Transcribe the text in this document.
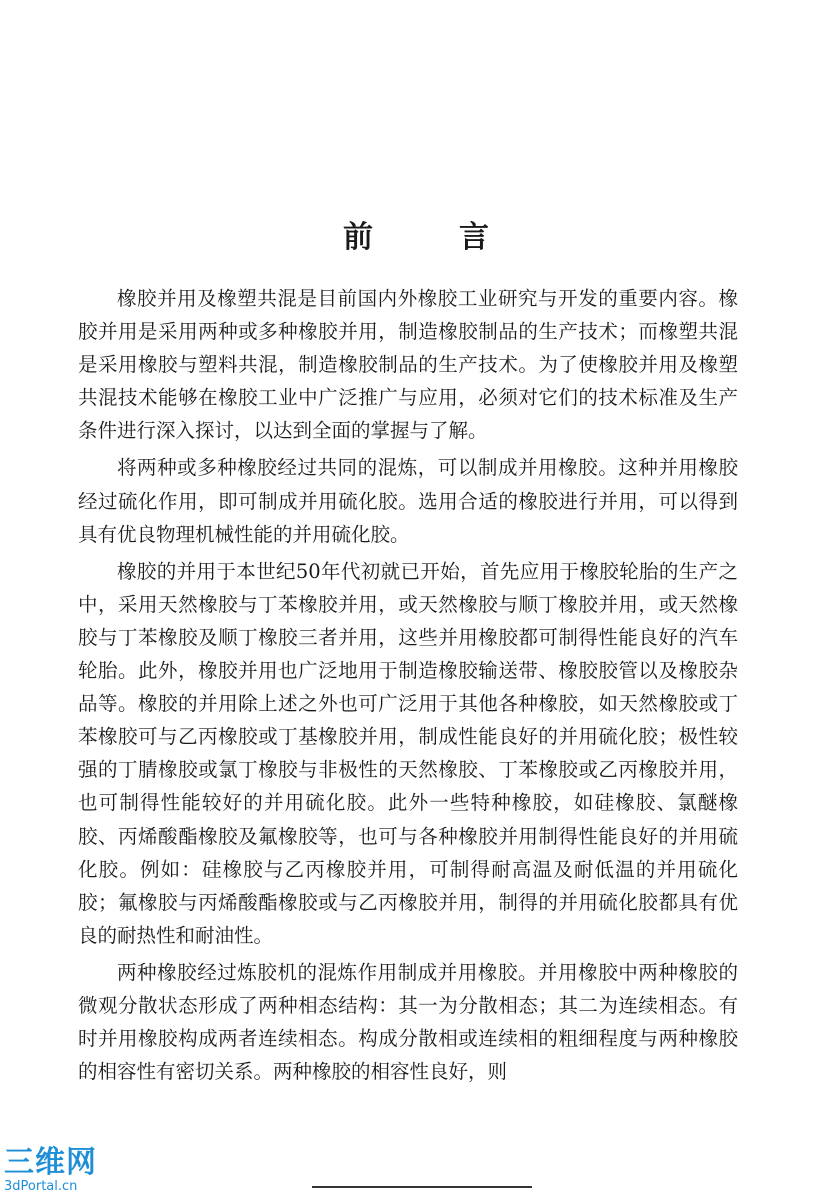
前	言

橡胶并用及橡塑共混是目前国内外橡胶工业研究与开发的重要内容。橡胶并用是采用两种或多种橡胶并用，制造橡胶制品的生产技术；而橡塑共混是采用橡胶与塑料共混，制造橡胶制品的生产技术。为了使橡胶并用及橡塑共混技术能够在橡胶工业中广泛推广与应用，必须对它们的技术标准及生产条件进行深入探讨，以达到全面的掌握与了解。

将两种或多种橡胶经过共同的混炼，可以制成并用橡胶。这种并用橡胶经过硫化作用，即可制成并用硫化胶。选用合适的橡胶进行并用，可以得到具有优良物理机械性能的并用硫化胶。

橡胶的并用于本世纪50年代初就已开始，首先应用于橡胶轮胎的生产之中，采用天然橡胶与丁苯橡胶并用，或天然橡胶与顺丁橡胶并用，或天然橡胶与丁苯橡胶及顺丁橡胶三者并用，这些并用橡胶都可制得性能良好的汽车轮胎。此外，橡胶并用也广泛地用于制造橡胶输送带、橡胶胶管以及橡胶杂品等。橡胶的并用除上述之外也可广泛用于其他各种橡胶，如天然橡胶或丁苯橡胶可与乙丙橡胶或丁基橡胶并用，制成性能良好的并用硫化胶；极性较强的丁腈橡胶或氯丁橡胶与非极性的天然橡胶、丁苯橡胶或乙丙橡胶并用，也可制得性能较好的并用硫化胶。此外一些特种橡胶，如硅橡胶、氯醚橡胶、丙烯酸酯橡胶及氟橡胶等，也可与各种橡胶并用制得性能良好的并用硫化胶。例如：硅橡胶与乙丙橡胶并用，可制得耐高温及耐低温的并用硫化胶；氟橡胶与丙烯酸酯橡胶或与乙丙橡胶并用，制得的并用硫化胶都具有优良的耐热性和耐油性。

两种橡胶经过炼胶机的混炼作用制成并用橡胶。并用橡胶中两种橡胶的微观分散状态形成了两种相态结构：其一为分散相态；其二为连续相态。有时并用橡胶构成两者连续相态。构成分散相或连续相的粗细程度与两种橡胶的相容性有密切关系。两种橡胶的相容性良好，则

三维网
3dPortal.cn
